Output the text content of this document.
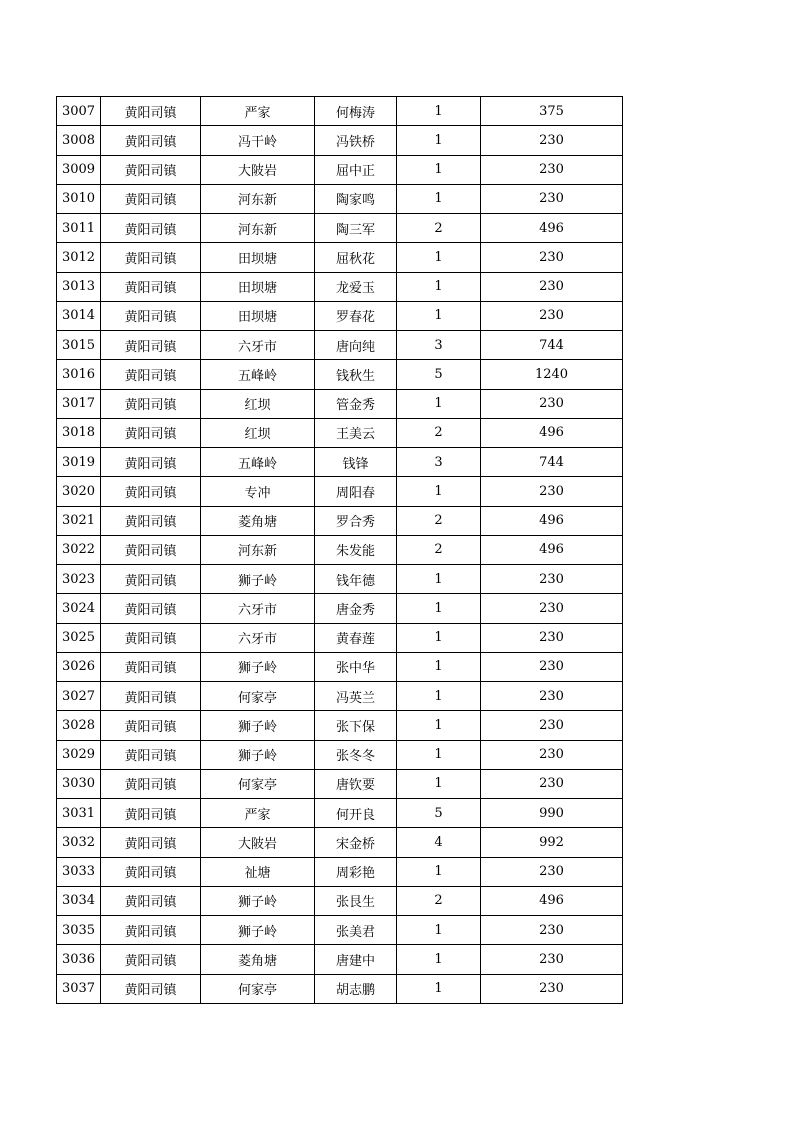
3007	黄阳司镇	严家	何梅涛	1	375
3008	黄阳司镇	冯干岭	冯铁桥	1	230
3009	黄阳司镇	大陂岩	屈中正	1	230
3010	黄阳司镇	河东新	陶家鸣	1	230
3011	黄阳司镇	河东新	陶三军	2	496
3012	黄阳司镇	田坝塘	屈秋花	1	230
3013	黄阳司镇	田坝塘	龙爱玉	1	230
3014	黄阳司镇	田坝塘	罗春花	1	230
3015	黄阳司镇	六牙市	唐向纯	3	744
3016	黄阳司镇	五峰岭	钱秋生	5	1240
3017	黄阳司镇	红坝	管金秀	1	230
3018	黄阳司镇	红坝	王美云	2	496
3019	黄阳司镇	五峰岭	钱锋	3	744
3020	黄阳司镇	专冲	周阳春	1	230
3021	黄阳司镇	菱角塘	罗合秀	2	496
3022	黄阳司镇	河东新	朱发能	2	496
3023	黄阳司镇	狮子岭	钱年德	1	230
3024	黄阳司镇	六牙市	唐金秀	1	230
3025	黄阳司镇	六牙市	黄春莲	1	230
3026	黄阳司镇	狮子岭	张中华	1	230
3027	黄阳司镇	何家亭	冯英兰	1	230
3028	黄阳司镇	狮子岭	张下保	1	230
3029	黄阳司镇	狮子岭	张冬冬	1	230
3030	黄阳司镇	何家亭	唐钦要	1	230
3031	黄阳司镇	严家	何开良	5	990
3032	黄阳司镇	大陂岩	宋金桥	4	992
3033	黄阳司镇	祉塘	周彩艳	1	230
3034	黄阳司镇	狮子岭	张艮生	2	496
3035	黄阳司镇	狮子岭	张美君	1	230
3036	黄阳司镇	菱角塘	唐建中	1	230
3037	黄阳司镇	何家亭	胡志鹏	1	230
